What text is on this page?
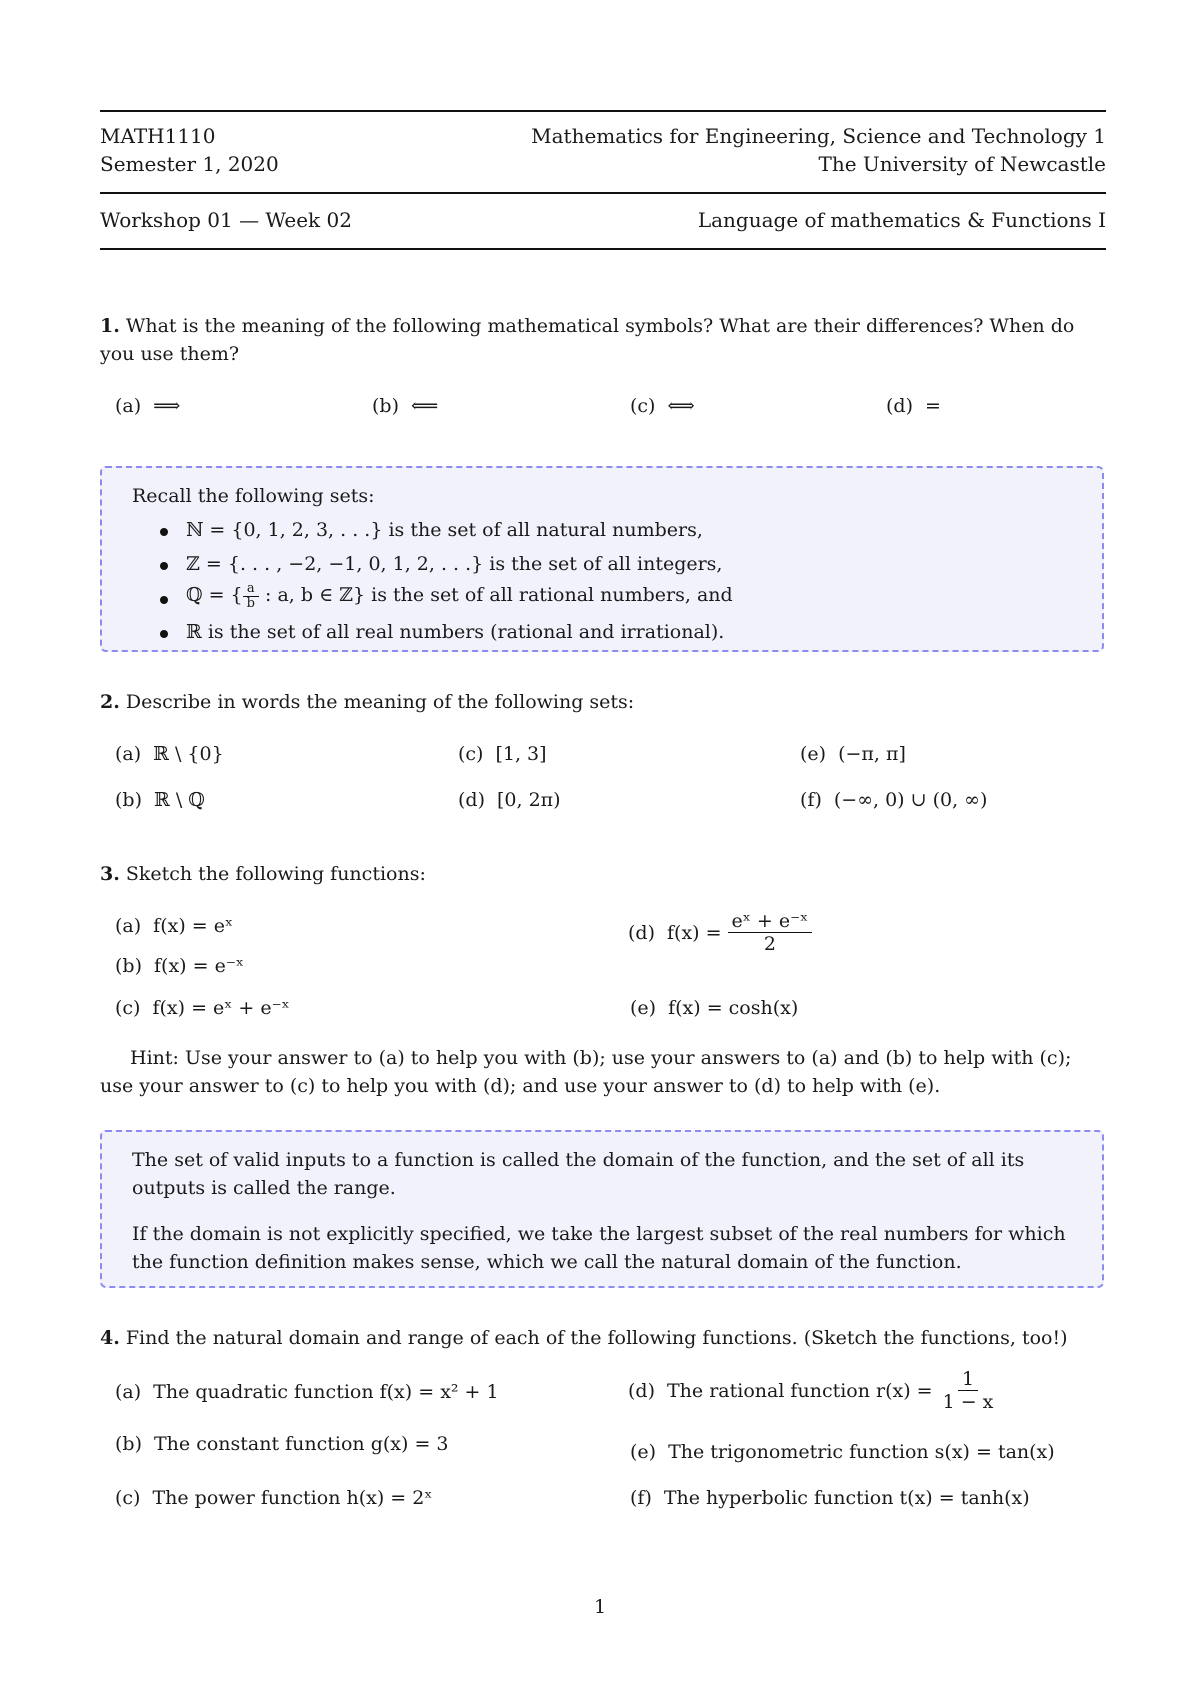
MATH1110	Mathematics for Engineering, Science and Technology 1
Semester 1, 2020	The University of Newcastle
Workshop 01 — Week 02	Language of mathematics & Functions I
1. What is the meaning of the following mathematical symbols? What are their differences? When do
you use them?
(a) ⟹	(b) ⟸	(c) ⟺	(d) =
Recall the following sets:
ℕ = {0, 1, 2, 3, . . .} is the set of all natural numbers,
ℤ = {. . . , −2, −1, 0, 1, 2, . . .} is the set of all integers,
ℚ = { $\frac{a}{b}$ : a, b ∈ ℤ} is the set of all rational numbers, and
ℝ is the set of all real numbers (rational and irrational).
2. Describe in words the meaning of the following sets:
(a) ℝ \ {0}
(b) ℝ \ ℚ
(c) [1, 3]
(d) [0, 2π)
(e) (−π, π]
(f) (−∞, 0) ∪ (0, ∞)
3. Sketch the following functions:
(a) f(x) = eˣ
(b) f(x) = e⁻ˣ
(c) f(x) = eˣ + e⁻ˣ
(d) $f(x) = \frac{\text{eˣ + e⁻ˣ}}{2}$
(e) f(x) = cosh(x)
Hint: Use your answer to (a) to help you with (b); use your answers to (a) and (b) to help with (c);
use your answer to (c) to help you with (d); and use your answer to (d) to help with (e).
The set of valid inputs to a function is called the domain of the function, and the set of all its
outputs is called the range.
If the domain is not explicitly specified, we take the largest subset of the real numbers for which
the function definition makes sense, which we call the natural domain of the function.
4. Find the natural domain and range of each of the following functions. (Sketch the functions, too!)
(a) The quadratic function f(x) = x² + 1
(b) The constant function g(x) = 3
(c) The power function h(x) = 2ˣ
(d) The rational function $r(x) = \frac{1}{1 - x}$
(e) The trigonometric function s(x) = tan(x)
(f) The hyperbolic function t(x) = tanh(x)
1
